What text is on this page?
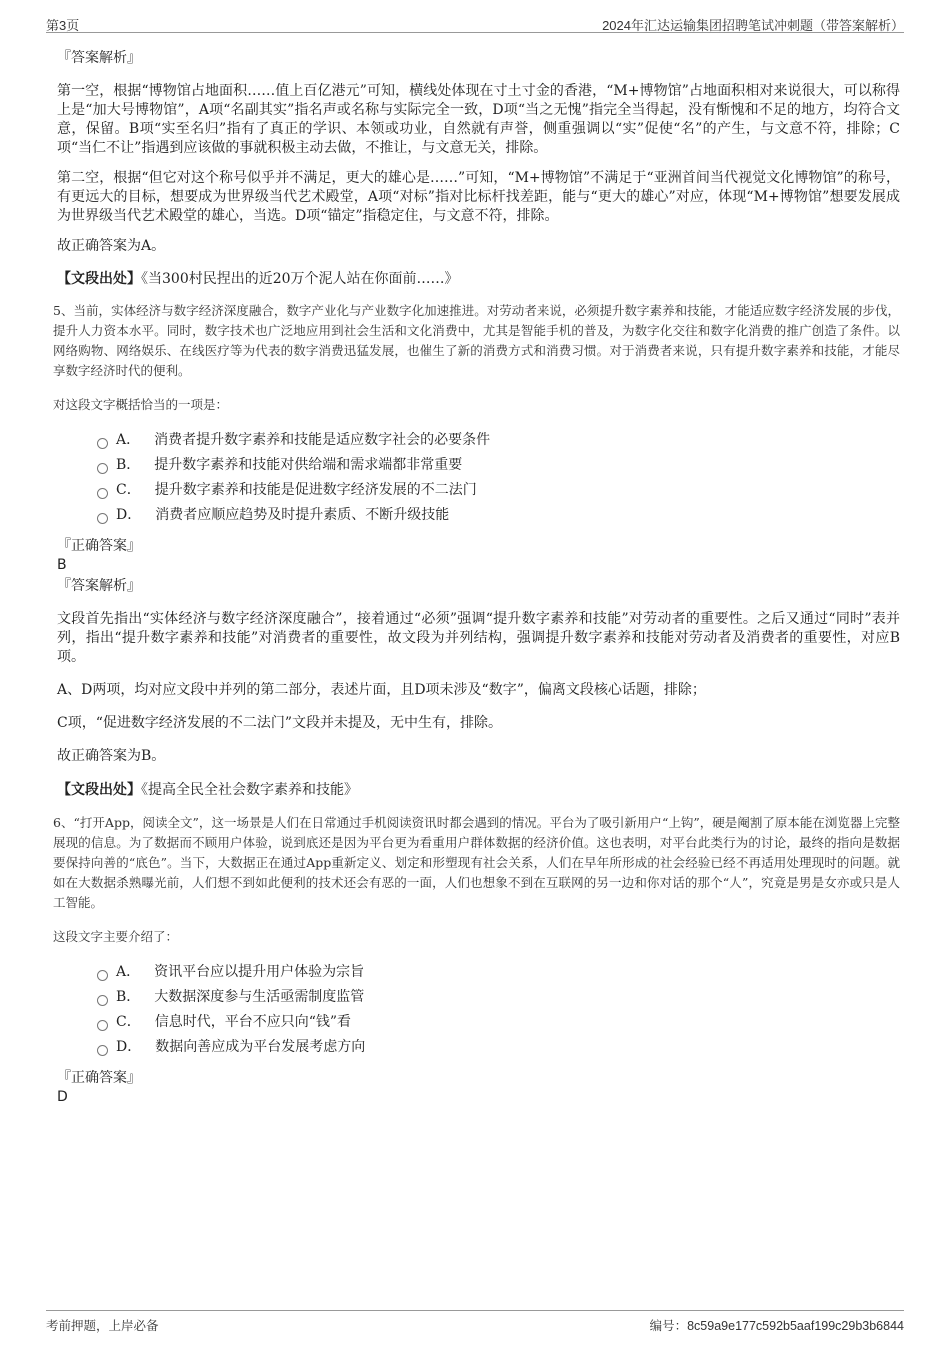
第3页	2024年汇达运输集团招聘笔试冲刺题（带答案解析）

『答案解析』

第一空，根据“博物馆占地面积……值上百亿港元”可知，横线处体现在寸土寸金的香港，“M+博物馆”占地面积相对来说很大，可以称得上是“加大号博物馆”，A项“名副其实”指名声或名称与实际完全一致，D项“当之无愧”指完全当得起，没有惭愧和不足的地方，均符合文意，保留。B项“实至名归”指有了真正的学识、本领或功业，自然就有声誉，侧重强调以“实”促使“名”的产生，与文意不符，排除；C项“当仁不让”指遇到应该做的事就积极主动去做，不推让，与文意无关，排除。

第二空，根据“但它对这个称号似乎并不满足，更大的雄心是……”可知，“M+博物馆”不满足于“亚洲首间当代视觉文化博物馆”的称号，有更远大的目标，想要成为世界级当代艺术殿堂，A项“对标”指对比标杆找差距，能与“更大的雄心”对应，体现“M+博物馆”想要发展成为世界级当代艺术殿堂的雄心，当选。D项“锚定”指稳定住，与文意不符，排除。

故正确答案为A。

【文段出处】《当300村民捏出的近20万个泥人站在你面前……》

5、当前，实体经济与数字经济深度融合，数字产业化与产业数字化加速推进。对劳动者来说，必须提升数字素养和技能，才能适应数字经济发展的步伐，提升人力资本水平。同时，数字技术也广泛地应用到社会生活和文化消费中，尤其是智能手机的普及，为数字化交往和数字化消费的推广创造了条件。以网络购物、网络娱乐、在线医疗等为代表的数字消费迅猛发展，也催生了新的消费方式和消费习惯。对于消费者来说，只有提升数字素养和技能，才能尽享数字经济时代的便利。

对这段文字概括恰当的一项是：

A． 消费者提升数字素养和技能是适应数字社会的必要条件
B． 提升数字素养和技能对供给端和需求端都非常重要
C． 提升数字素养和技能是促进数字经济发展的不二法门
D． 消费者应顺应趋势及时提升素质、不断升级技能

『正确答案』

B

『答案解析』

文段首先指出“实体经济与数字经济深度融合”，接着通过“必须”强调“提升数字素养和技能”对劳动者的重要性。之后又通过“同时”表并列，指出“提升数字素养和技能”对消费者的重要性，故文段为并列结构，强调提升数字素养和技能对劳动者及消费者的重要性，对应B项。

A、D两项，均对应文段中并列的第二部分，表述片面，且D项未涉及“数字”，偏离文段核心话题，排除；

C项，“促进数字经济发展的不二法门”文段并未提及，无中生有，排除。

故正确答案为B。

【文段出处】《提高全民全社会数字素养和技能》

6、“打开App，阅读全文”，这一场景是人们在日常通过手机阅读资讯时都会遇到的情况。平台为了吸引新用户“上钩”，硬是阉割了原本能在浏览器上完整展现的信息。为了数据而不顾用户体验，说到底还是因为平台更为看重用户群体数据的经济价值。这也表明，对平台此类行为的讨论，最终的指向是数据要保持向善的“底色”。当下，大数据正在通过App重新定义、划定和形塑现有社会关系，人们在早年所形成的社会经验已经不再适用处理现时的问题。就如在大数据杀熟曝光前，人们想不到如此便利的技术还会有恶的一面，人们也想象不到在互联网的另一边和你对话的那个“人”，究竟是男是女亦或只是人工智能。

这段文字主要介绍了：

A． 资讯平台应以提升用户体验为宗旨
B． 大数据深度参与生活亟需制度监管
C． 信息时代，平台不应只向“钱”看
D． 数据向善应成为平台发展考虑方向

『正确答案』

D

考前押题，上岸必备	编号：8c59a9e177c592b5aaf199c29b3b6844
